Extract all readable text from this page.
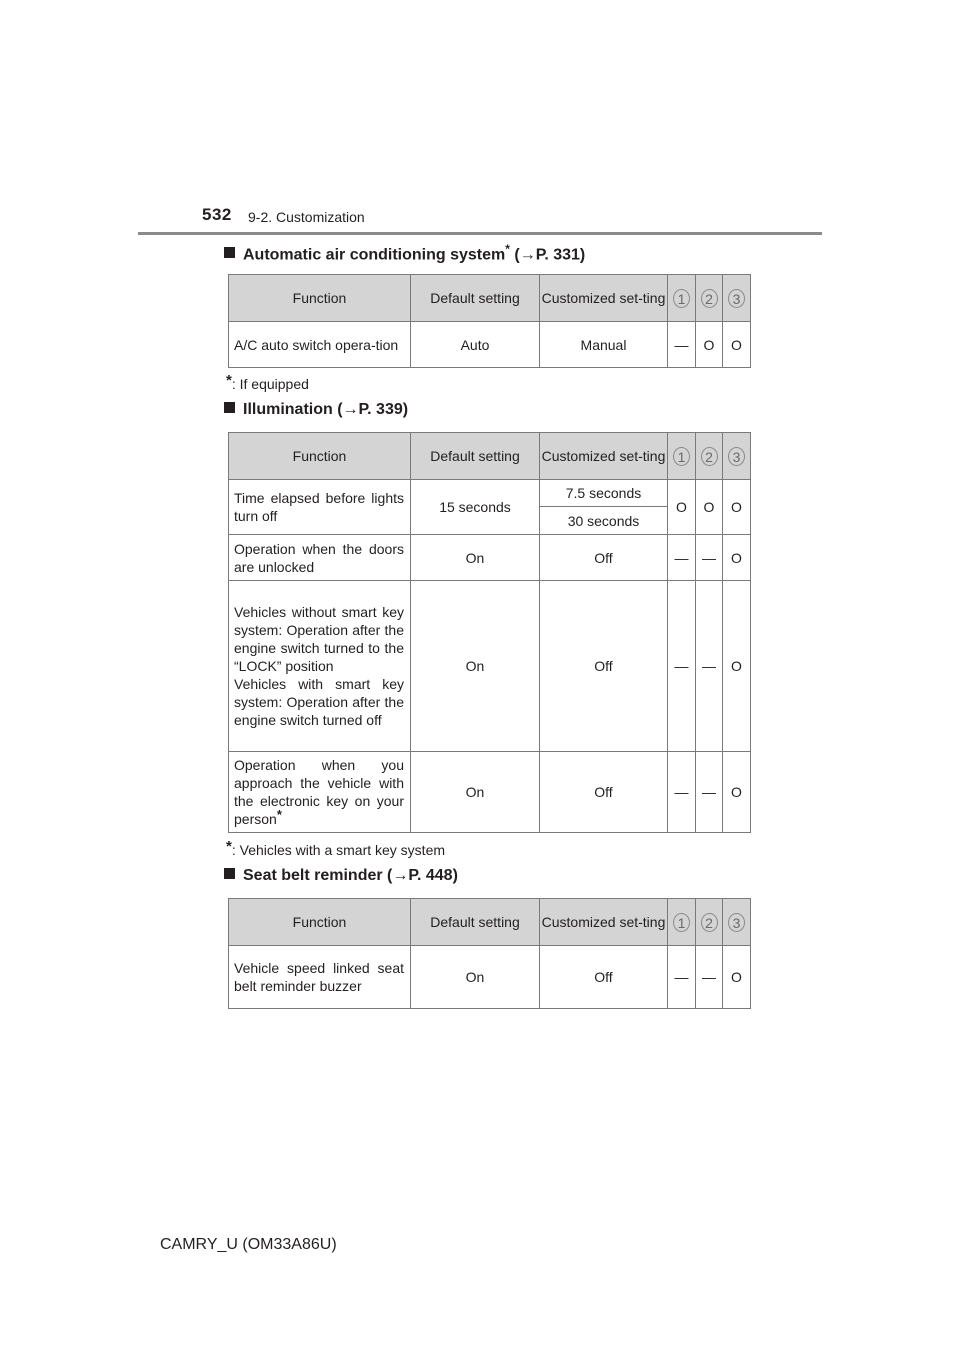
532 9-2. Customization
Automatic air conditioning system* (→P. 331)
Function	Default setting	Customized set-ting	1	2	3
A/C auto switch opera-tion	Auto	Manual	—	O	O
*: If equipped
Illumination (→P. 339)
Function	Default setting	Customized set-ting	1	2	3
Time elapsed before lights turn off	15 seconds	7.5 seconds	O	O	O
		30 seconds			
Operation when the doors are unlocked	On	Off	—	—	O

Vehicles without smart key system: Operation after the engine switch turned to the “LOCK” position
Vehicles with smart key system: Operation after the engine switch turned off	On	Off	—	—	O
Operation when you approach the vehicle with the electronic key on your person*	On	Off	—	—	O
*: Vehicles with a smart key system
Seat belt reminder (→P. 448)
Function	Default setting	Customized set-ting	1	2	3
Vehicle speed linked seat belt reminder buzzer	On	Off	—	—	O
CAMRY_U (OM33A86U)
